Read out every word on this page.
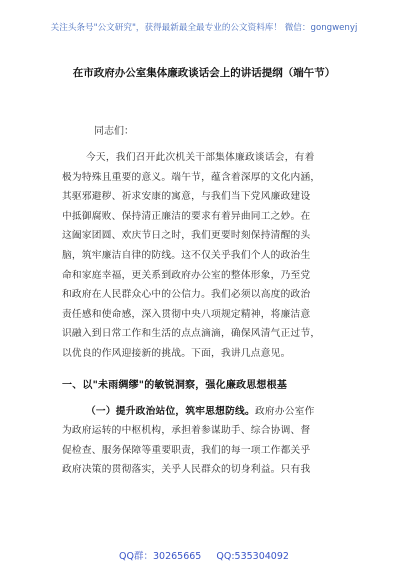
关注头条号"公文研究"，获得最新最全最专业的公文资料库！ 微信：gongwenyj
在市政府办公室集体廉政谈话会上的讲话提纲（端午节）
同志们：
今天，我们召开此次机关干部集体廉政谈话会，有着
极为特殊且重要的意义。端午节，蕴含着深厚的文化内涵，
其驱邪避秽、祈求安康的寓意，与我们当下党风廉政建设
中抵御腐败、保持清正廉洁的要求有着异曲同工之妙。在
这阖家团圆、欢庆节日之时，我们更要时刻保持清醒的头
脑，筑牢廉洁自律的防线。这不仅关乎我们个人的政治生
命和家庭幸福，更关系到政府办公室的整体形象，乃至党
和政府在人民群众心中的公信力。我们必须以高度的政治
责任感和使命感，深入贯彻中央八项规定精神，将廉洁意
识融入到日常工作和生活的点点滴滴，确保风清气正过节，
以优良的作风迎接新的挑战。下面，我讲几点意见。
一、以"未雨绸缪"的敏锐洞察，强化廉政思想根基
（一）提升政治站位，筑牢思想防线。政府办公室作
为政府运转的中枢机构，承担着参谋助手、综合协调、督
促检查、服务保障等重要职责，我们的每一项工作都关乎
政府决策的贯彻落实，关乎人民群众的切身利益。只有我
QQ群：30265665 QQ:535304092
